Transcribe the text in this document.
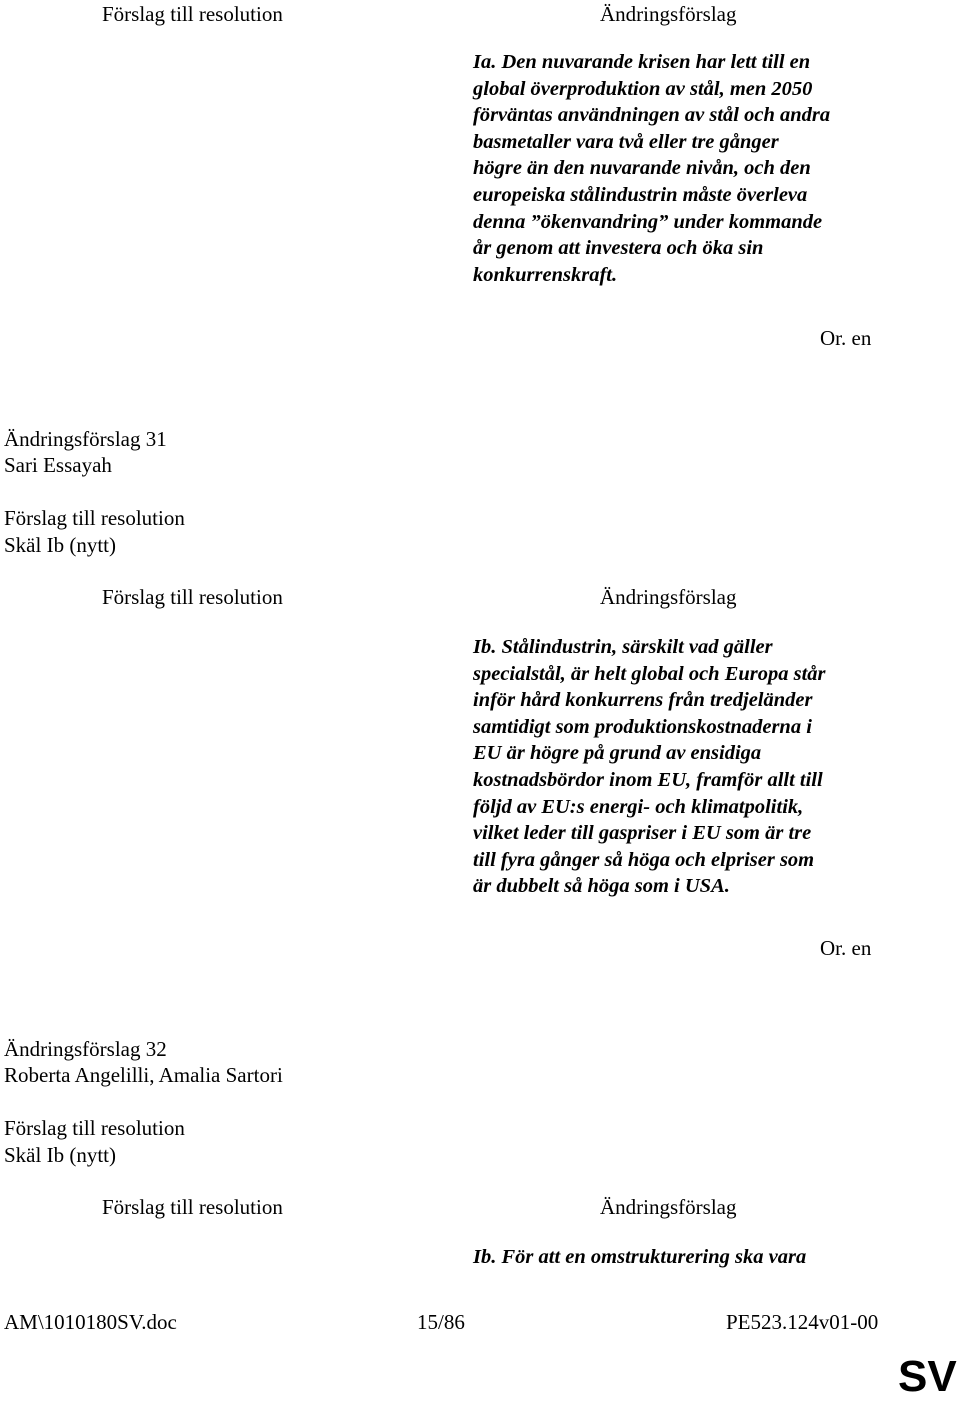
Förslag till resolution	Ändringsförslag
Ia. Den nuvarande krisen har lett till en
global överproduktion av stål, men 2050
förväntas användningen av stål och andra
basmetaller vara två eller tre gånger
högre än den nuvarande nivån, och den
europeiska stålindustrin måste överleva
denna ”ökenvandring” under kommande
år genom att investera och öka sin
konkurrenskraft.
Or. en
Ändringsförslag 31
Sari Essayah
Förslag till resolution
Skäl Ib (nytt)
Förslag till resolution	Ändringsförslag
Ib. Stålindustrin, särskilt vad gäller
specialstål, är helt global och Europa står
inför hård konkurrens från tredjeländer
samtidigt som produktionskostnaderna i
EU är högre på grund av ensidiga
kostnadsbördor inom EU, framför allt till
följd av EU:s energi- och klimatpolitik,
vilket leder till gaspriser i EU som är tre
till fyra gånger så höga och elpriser som
är dubbelt så höga som i USA.
Or. en
Ändringsförslag 32
Roberta Angelilli, Amalia Sartori
Förslag till resolution
Skäl Ib (nytt)
Förslag till resolution	Ändringsförslag
Ib. För att en omstrukturering ska vara
AM\1010180SV.doc	15/86	PE523.124v01-00
SV
